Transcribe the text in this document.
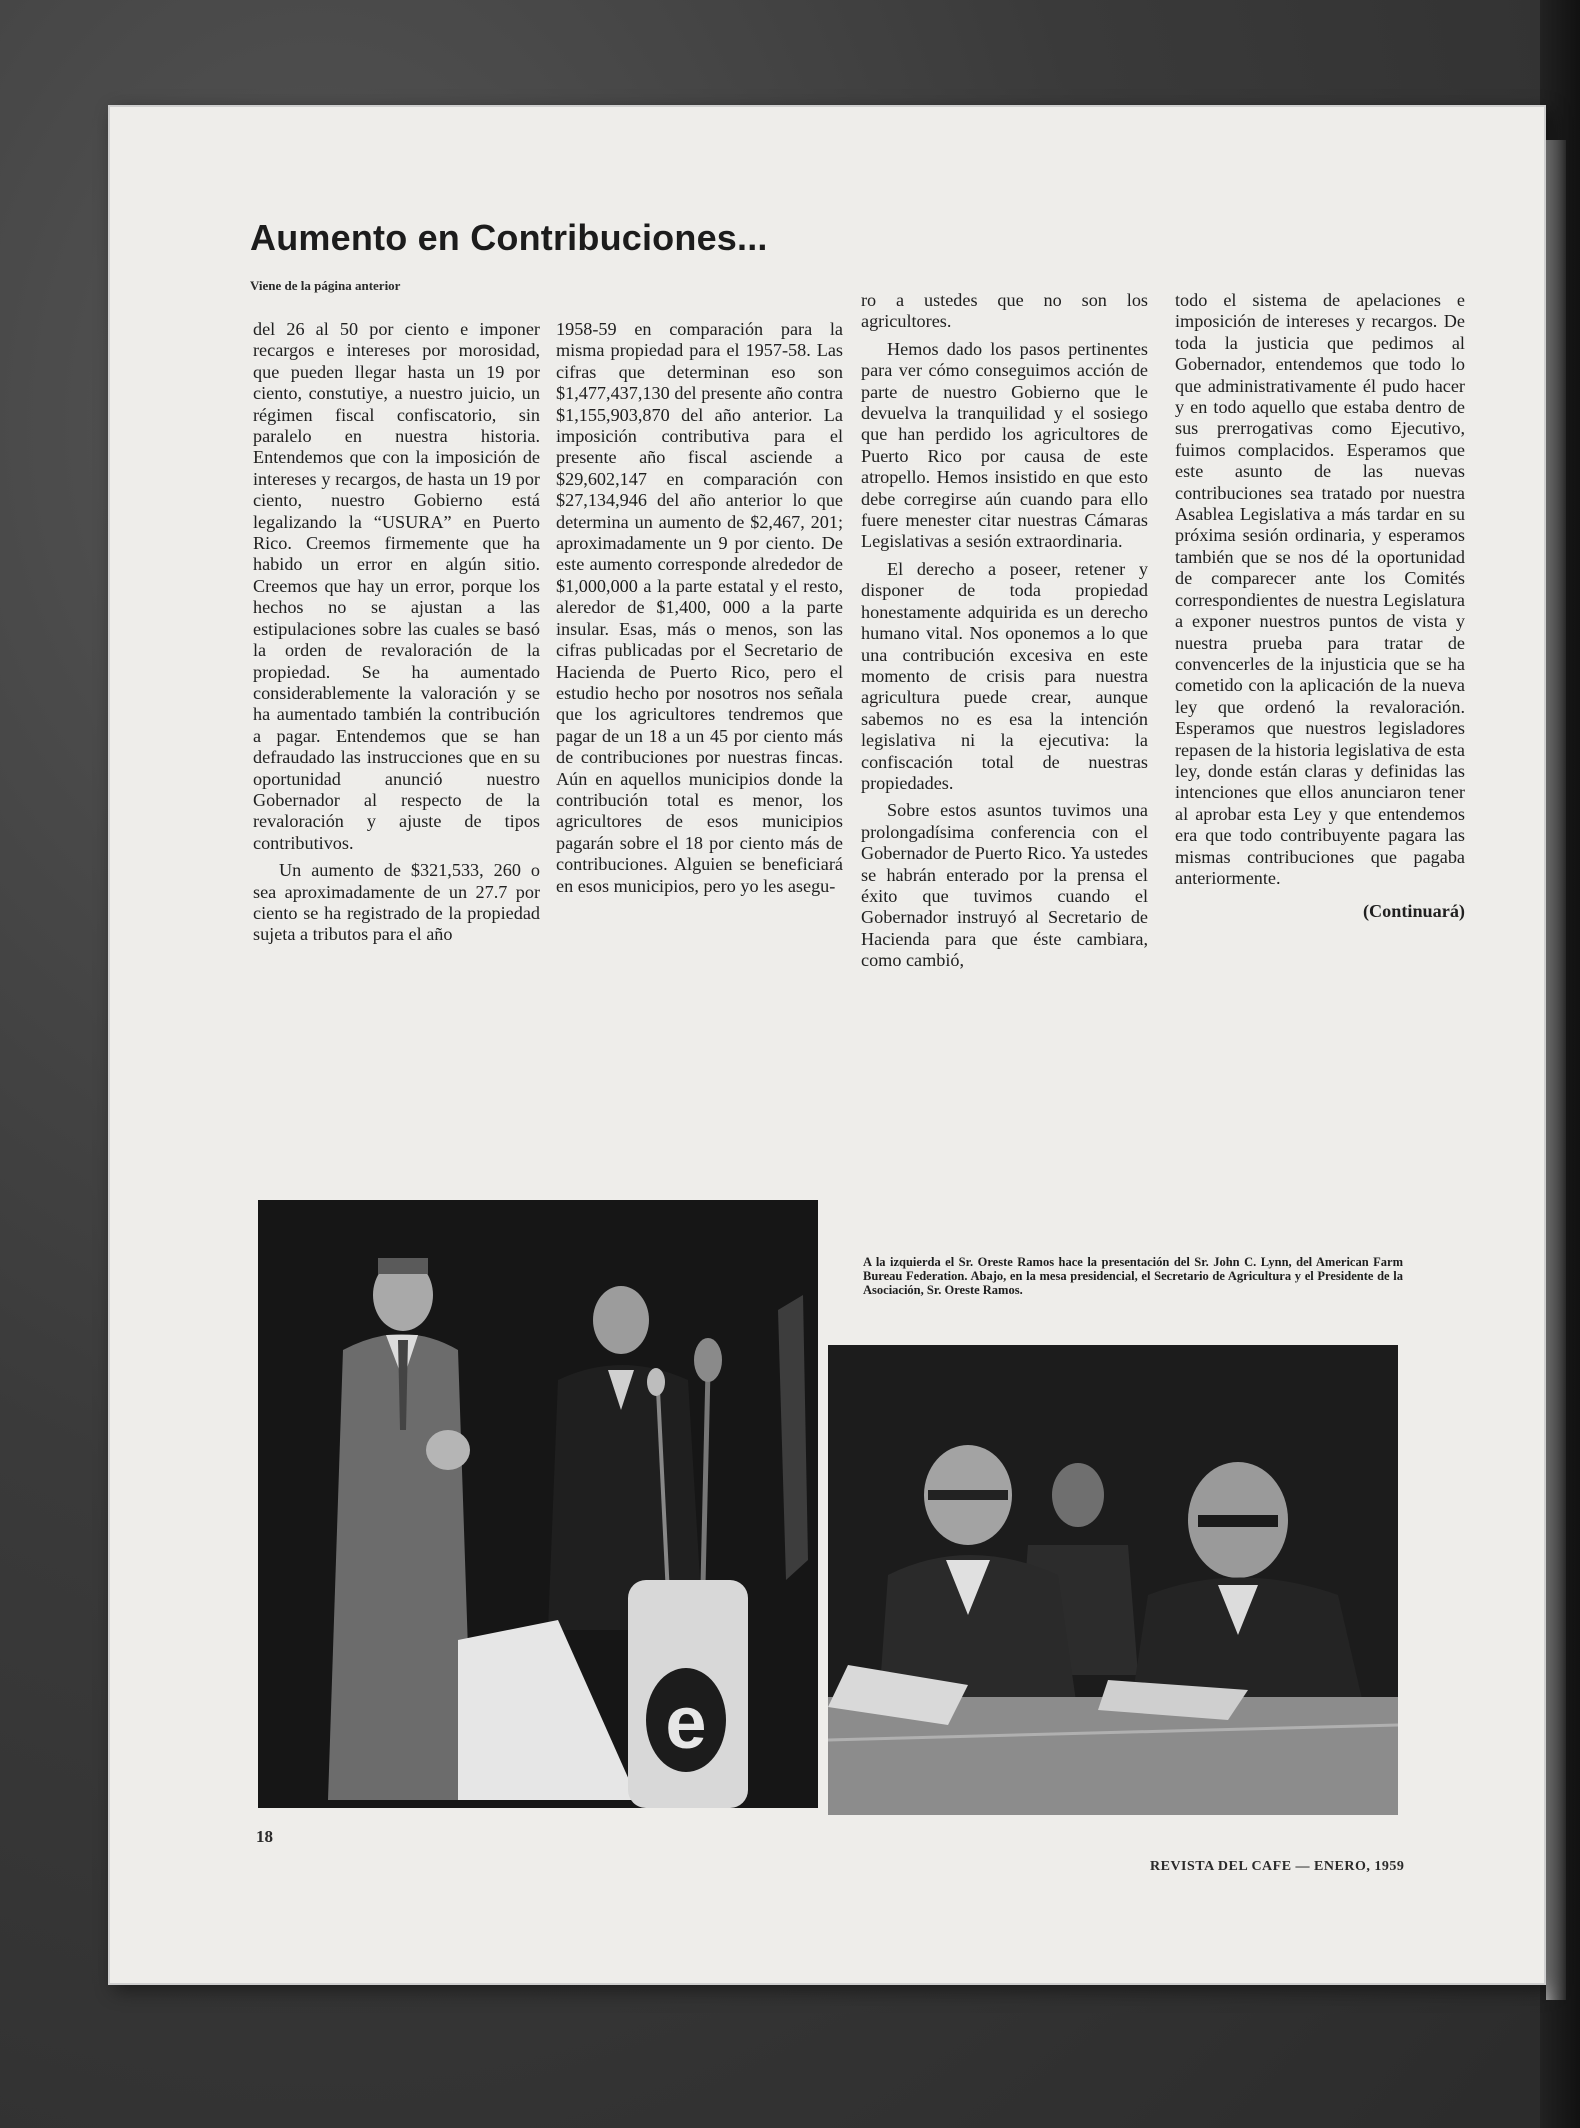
Aumento en Contribuciones...
Viene de la página anterior

del 26 al 50 por ciento e imponer recargos e intereses por morosidad, que pueden llegar hasta un 19 por ciento, constutiye, a nuestro juicio, un régimen fiscal confiscatorio, sin paralelo en nuestra historia. Entendemos que con la imposición de intereses y recargos, de hasta un 19 por ciento, nuestro Gobierno está legalizando la “USURA” en Puerto Rico. Creemos firmemente que ha habido un error en algún sitio. Creemos que hay un error, porque los hechos no se ajustan a las estipulaciones sobre las cuales se basó la orden de revaloración de la propiedad. Se ha aumentado considerablemente la valoración y se ha aumentado también la contribución a pagar. Entendemos que se han defraudado las instrucciones que en su oportunidad anunció nuestro Gobernador al respecto de la revaloración y ajuste de tipos contributivos.

Un aumento de $321,533, 260 o sea aproximadamente de un 27.7 por ciento se ha registrado de la propiedad sujeta a tributos para el año

1958-59 en comparación para la misma propiedad para el 1957-58. Las cifras que determinan eso son $1,477,437,130 del presente año contra $1,155,903,870 del año anterior. La imposición contributiva para el presente año fiscal asciende a $29,602,147 en comparación con $27,134,946 del año anterior lo que determina un aumento de $2,467, 201; aproximadamente un 9 por ciento. De este aumento corresponde alrededor de $1,000,000 a la parte estatal y el resto, aleredor de $1,400, 000 a la parte insular. Esas, más o menos, son las cifras publicadas por el Secretario de Hacienda de Puerto Rico, pero el estudio hecho por nosotros nos señala que los agricultores tendremos que pagar de un 18 a un 45 por ciento más de contribuciones por nuestras fincas. Aún en aquellos municipios donde la contribución total es menor, los agricultores de esos municipios pagarán sobre el 18 por ciento más de contribuciones. Alguien se beneficiará en esos municipios, pero yo les asegu-

ro a ustedes que no son los agricultores.

Hemos dado los pasos pertinentes para ver cómo conseguimos acción de parte de nuestro Gobierno que le devuelva la tranquilidad y el sosiego que han perdido los agricultores de Puerto Rico por causa de este atropello. Hemos insistido en que esto debe corregirse aún cuando para ello fuere menester citar nuestras Cámaras Legislativas a sesión extraordinaria.

El derecho a poseer, retener y disponer de toda propiedad honestamente adquirida es un derecho humano vital. Nos oponemos a lo que una contribución excesiva en este momento de crisis para nuestra agricultura puede crear, aunque sabemos no es esa la intención legislativa ni la ejecutiva: la confiscación total de nuestras propiedades.

Sobre estos asuntos tuvimos una prolongadísima conferencia con el Gobernador de Puerto Rico. Ya ustedes se habrán enterado por la prensa el éxito que tuvimos cuando el Gobernador instruyó al Secretario de Hacienda para que éste cambiara, como cambió,

todo el sistema de apelaciones e imposición de intereses y recargos. De toda la justicia que pedimos al Gobernador, entendemos que todo lo que administrativamente él pudo hacer y en todo aquello que estaba dentro de sus prerrogativas como Ejecutivo, fuimos complacidos. Esperamos que este asunto de las nuevas contribuciones sea tratado por nuestra Asablea Legislativa a más tardar en su próxima sesión ordinaria, y esperamos también que se nos dé la oportunidad de comparecer ante los Comités correspondientes de nuestra Legislatura a exponer nuestros puntos de vista y nuestra prueba para tratar de convencerles de la injusticia que se ha cometido con la aplicación de la nueva ley que ordenó la revaloración. Esperamos que nuestros legisladores repasen de la historia legislativa de esta ley, donde están claras y definidas las intenciones que ellos anunciaron tener al aprobar esta Ley y que entendemos era que todo contribuyente pagara las mismas contribuciones que pagaba anteriormente.

(Continuará)

e

A la izquierda el Sr. Oreste Ramos hace la presentación del Sr. John C. Lynn, del American Farm Bureau Federation. Abajo, en la mesa presidencial, el Secretario de Agricultura y el Presidente de la Asociación, Sr. Oreste Ramos.

18
REVISTA DEL CAFE — ENERO, 1959
